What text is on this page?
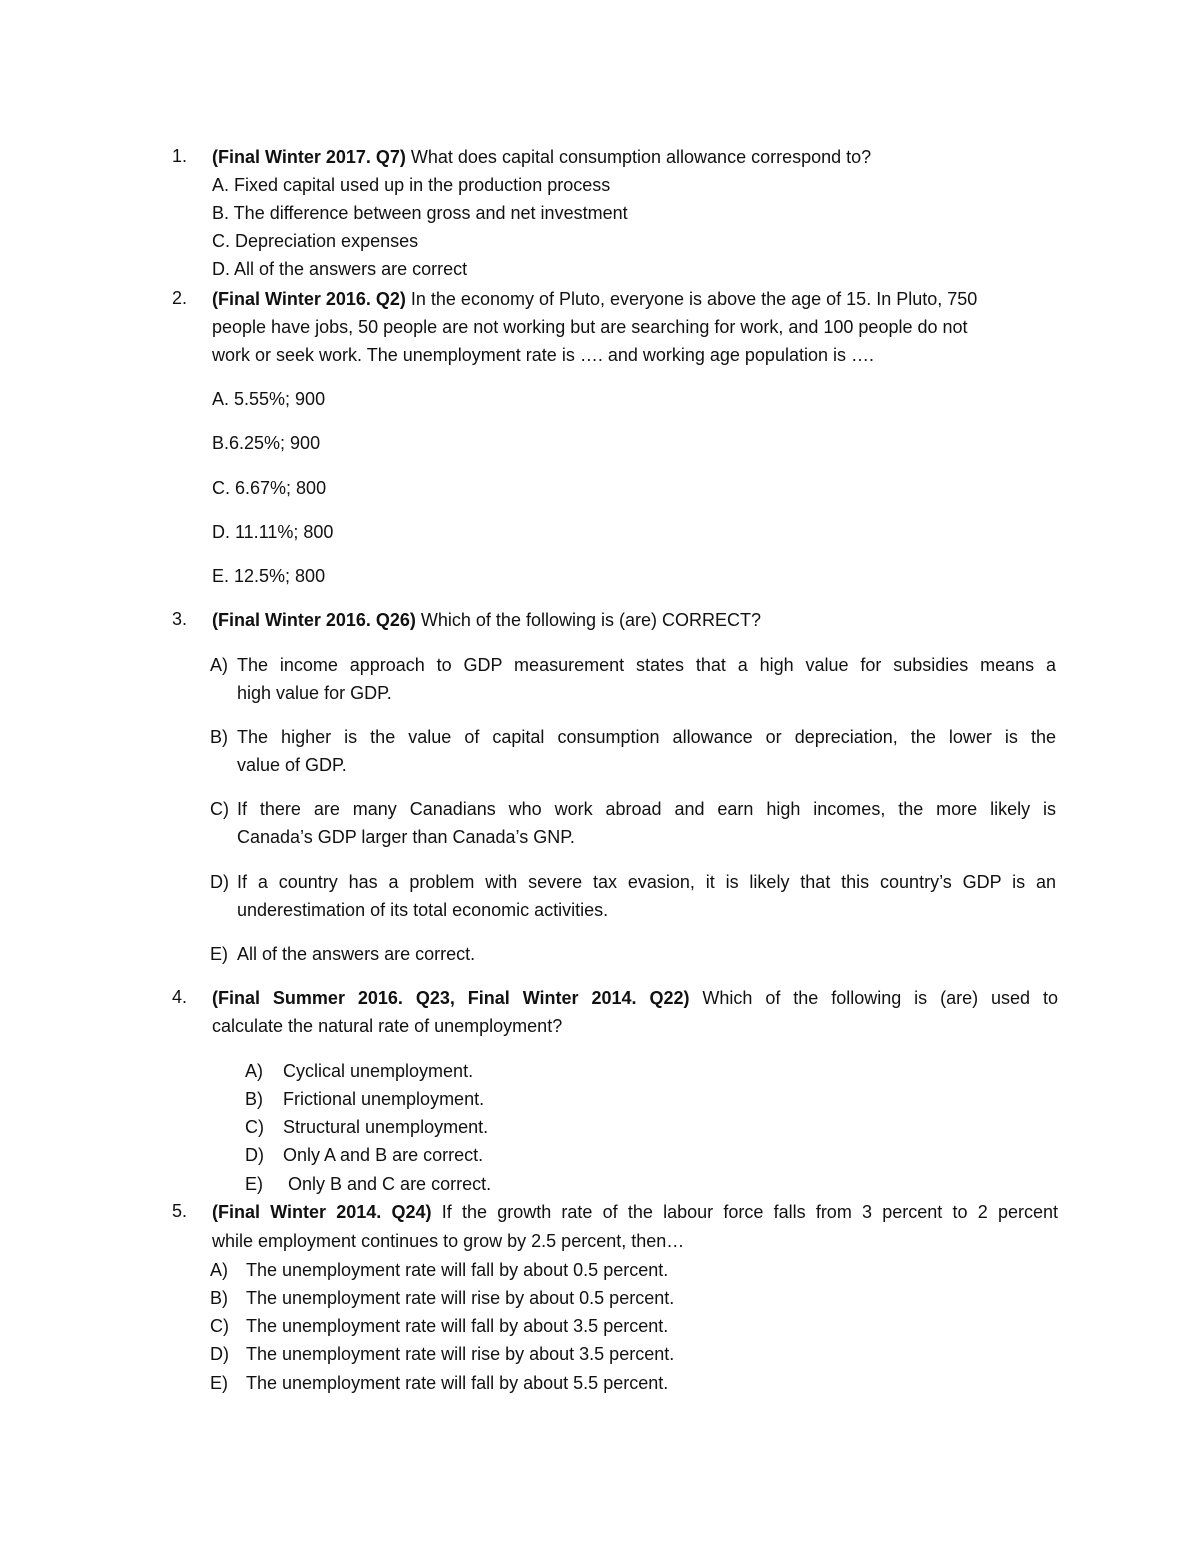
1. (Final Winter 2017. Q7) What does capital consumption allowance correspond to?
A. Fixed capital used up in the production process
B. The difference between gross and net investment
C. Depreciation expenses
D. All of the answers are correct
2. (Final Winter 2016. Q2) In the economy of Pluto, everyone is above the age of 15. In Pluto, 750
people have jobs, 50 people are not working but are searching for work, and 100 people do not
work or seek work. The unemployment rate is …. and working age population is ….
A. 5.55%; 900
B.6.25%; 900
C. 6.67%; 800
D. 11.11%; 800
E. 12.5%; 800
3. (Final Winter 2016. Q26) Which of the following is (are) CORRECT?
A) The income approach to GDP measurement states that a high value for subsidies means a
high value for GDP.
B) The higher is the value of capital consumption allowance or depreciation, the lower is the
value of GDP.
C) If there are many Canadians who work abroad and earn high incomes, the more likely is
Canada’s GDP larger than Canada’s GNP.
D) If a country has a problem with severe tax evasion, it is likely that this country’s GDP is an
underestimation of its total economic activities.
E) All of the answers are correct.
4. (Final Summer 2016. Q23, Final Winter 2014. Q22) Which of the following is (are) used to
calculate the natural rate of unemployment?
A) Cyclical unemployment.
B) Frictional unemployment.
C) Structural unemployment.
D) Only A and B are correct.
E) Only B and C are correct.
5. (Final Winter 2014. Q24) If the growth rate of the labour force falls from 3 percent to 2 percent
while employment continues to grow by 2.5 percent, then…
A) The unemployment rate will fall by about 0.5 percent.
B) The unemployment rate will rise by about 0.5 percent.
C) The unemployment rate will fall by about 3.5 percent.
D) The unemployment rate will rise by about 3.5 percent.
E) The unemployment rate will fall by about 5.5 percent.
